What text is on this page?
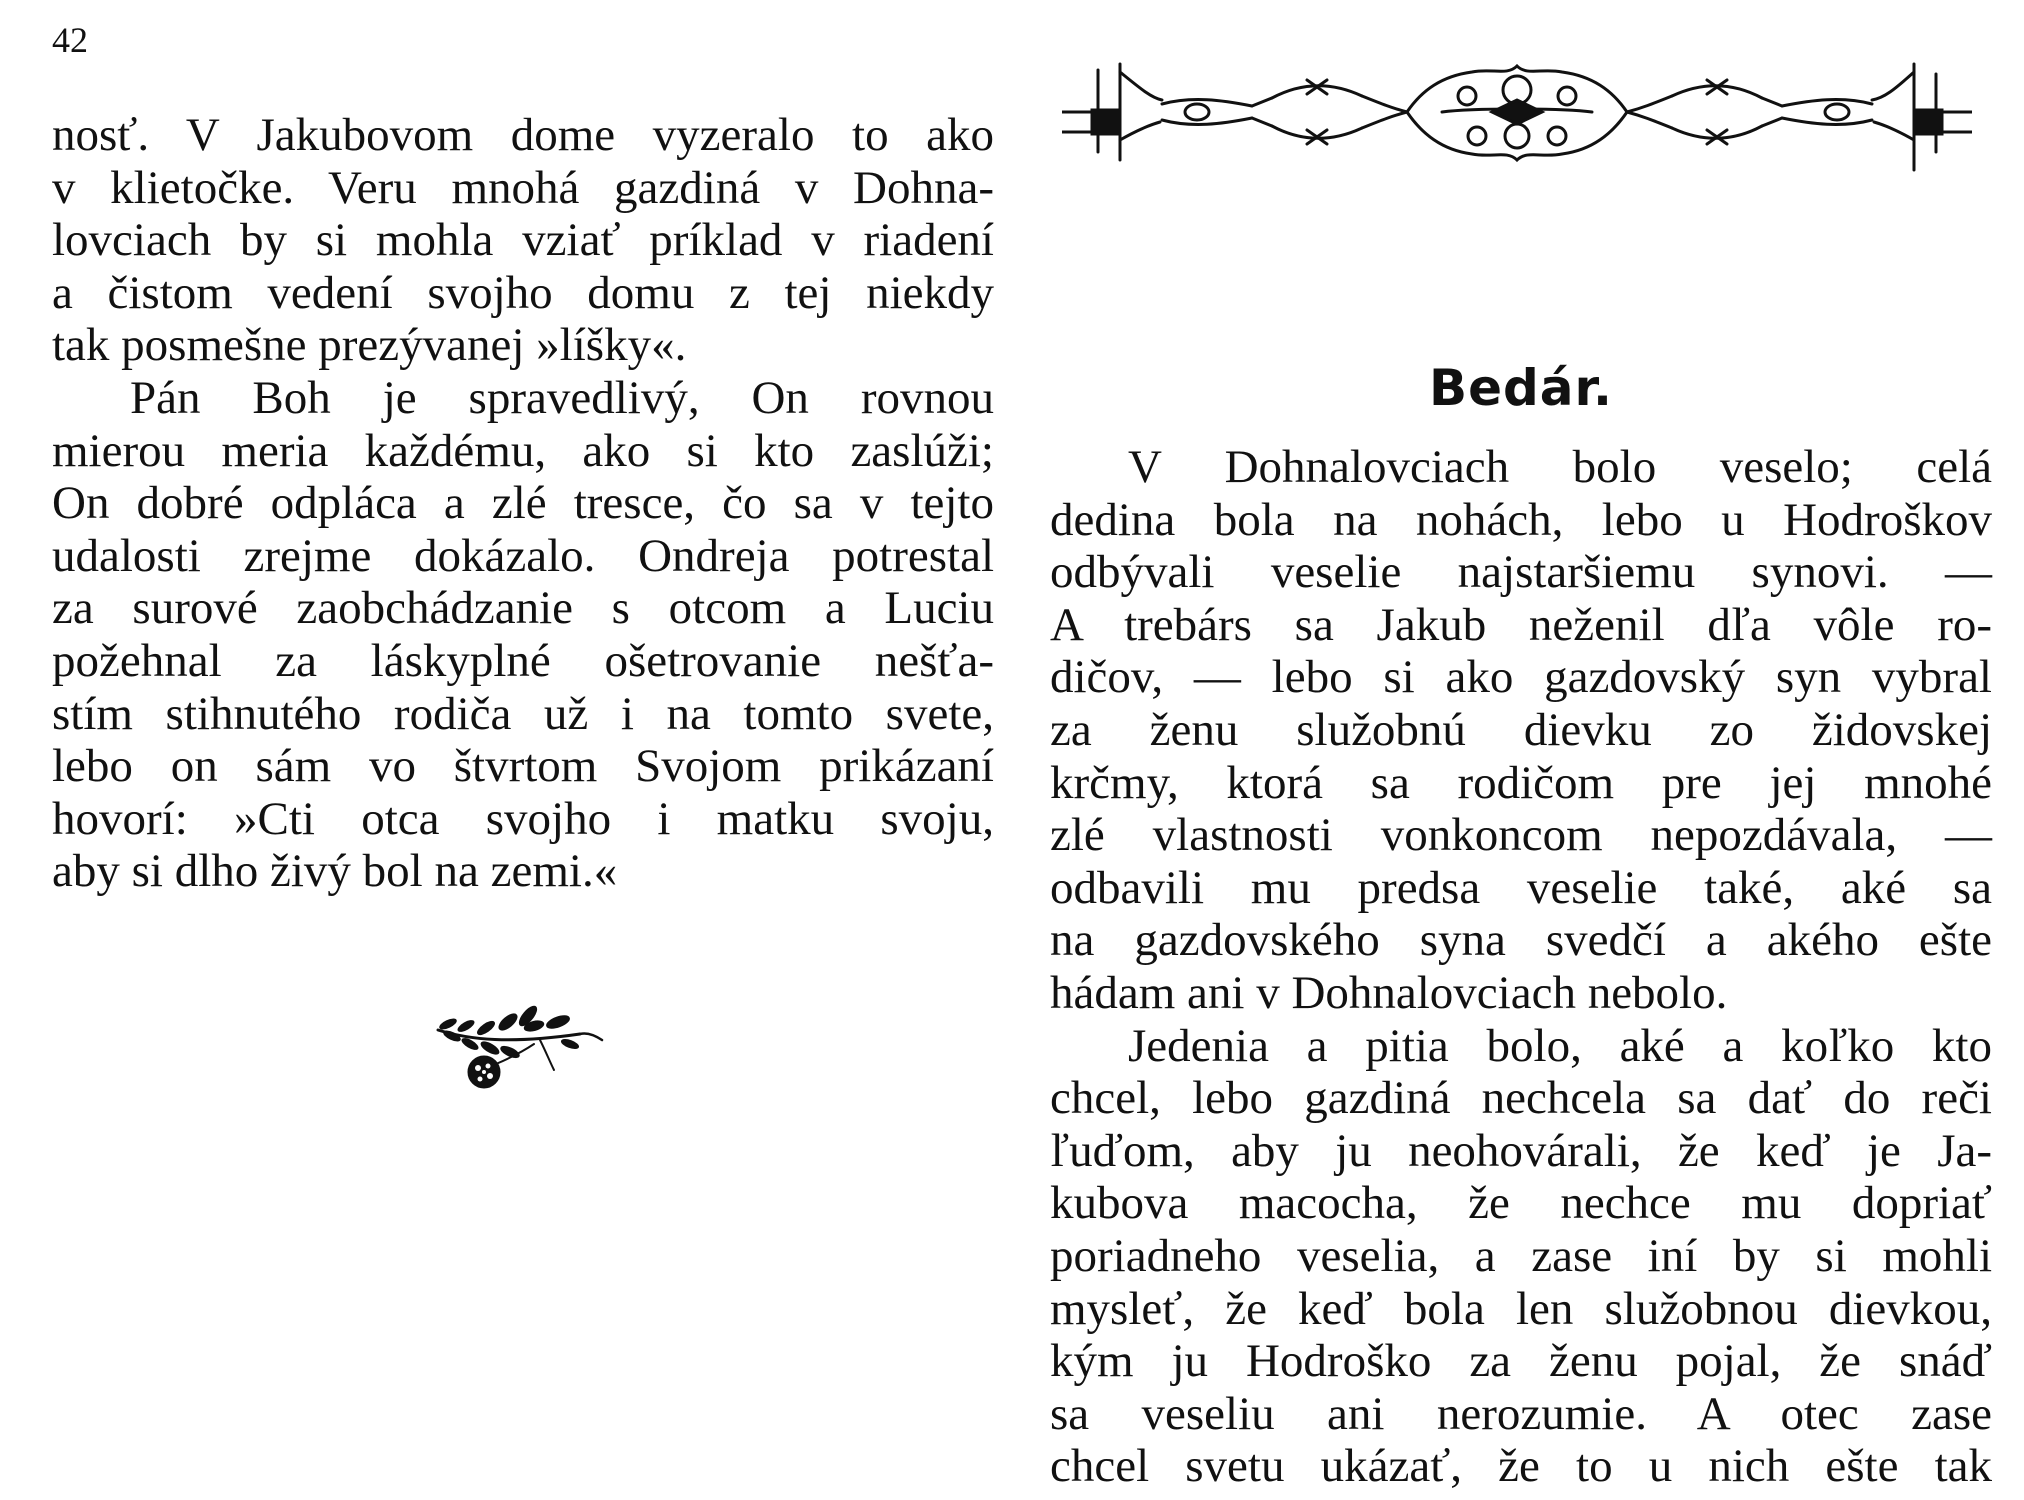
42
nosť. V Jakubovom dome vyzeralo to ako
v klietočke. Veru mnohá gazdiná v Dohna-
lovciach by si mohla vziať príklad v riadení
a čistom vedení svojho domu z tej niekdy
tak posmešne prezývanej »líšky«.
Pán Boh je spravedlivý, On rovnou
mierou meria každému, ako si kto zaslúži;
On dobré odpláca a zlé tresce, čo sa v tejto
udalosti zrejme dokázalo. Ondreja potrestal
za surové zaobchádzanie s otcom a Luciu
požehnal za láskyplné ošetrovanie nešťa-
stím stihnutého rodiča už i na tomto svete,
lebo on sám vo štvrtom Svojom prikázaní
hovorí: »Cti otca svojho i matku svoju,
aby si dlho živý bol na zemi.«
Bedár.
V Dohnalovciach bolo veselo; celá
dedina bola na nohách, lebo u Hodroškov
odbývali veselie najstaršiemu synovi. —
A trebárs sa Jakub neženil dľa vôle ro-
dičov, — lebo si ako gazdovský syn vybral
za ženu služobnú dievku zo židovskej
krčmy, ktorá sa rodičom pre jej mnohé
zlé vlastnosti vonkoncom nepozdávala, —
odbavili mu predsa veselie také, aké sa
na gazdovského syna svedčí a akého ešte
hádam ani v Dohnalovciach nebolo.
Jedenia a pitia bolo, aké a koľko kto
chcel, lebo gazdiná nechcela sa dať do reči
ľuďom, aby ju neohovárali, že keď je Ja-
kubova macocha, že nechce mu dopriať
poriadneho veselia, a zase iní by si mohli
mysleť, že keď bola len služobnou dievkou,
kým ju Hodroško za ženu pojal, že snáď
sa veseliu ani nerozumie. A otec zase
chcel svetu ukázať, že to u nich ešte tak
